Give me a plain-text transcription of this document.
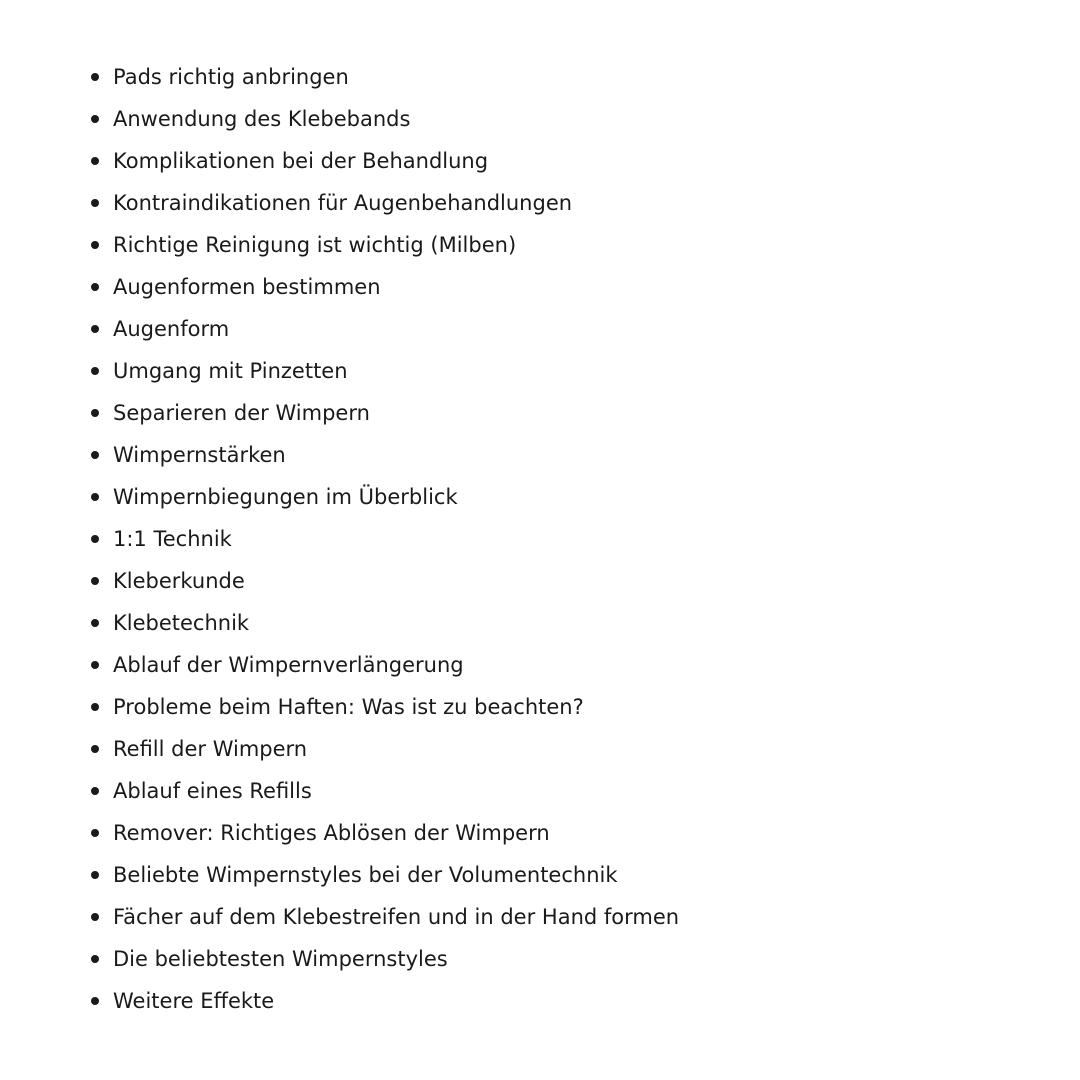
Pads richtig anbringen
Anwendung des Klebebands
Komplikationen bei der Behandlung
Kontraindikationen für Augenbehandlungen
Richtige Reinigung ist wichtig (Milben)
Augenformen bestimmen
Augenform
Umgang mit Pinzetten
Separieren der Wimpern
Wimpernstärken
Wimpernbiegungen im Überblick
1:1 Technik
Kleberkunde
Klebetechnik
Ablauf der Wimpernverlängerung
Probleme beim Haften: Was ist zu beachten?
Refill der Wimpern
Ablauf eines Refills
Remover: Richtiges Ablösen der Wimpern
Beliebte Wimpernstyles bei der Volumentechnik
Fächer auf dem Klebestreifen und in der Hand formen
Die beliebtesten Wimpernstyles
Weitere Effekte
